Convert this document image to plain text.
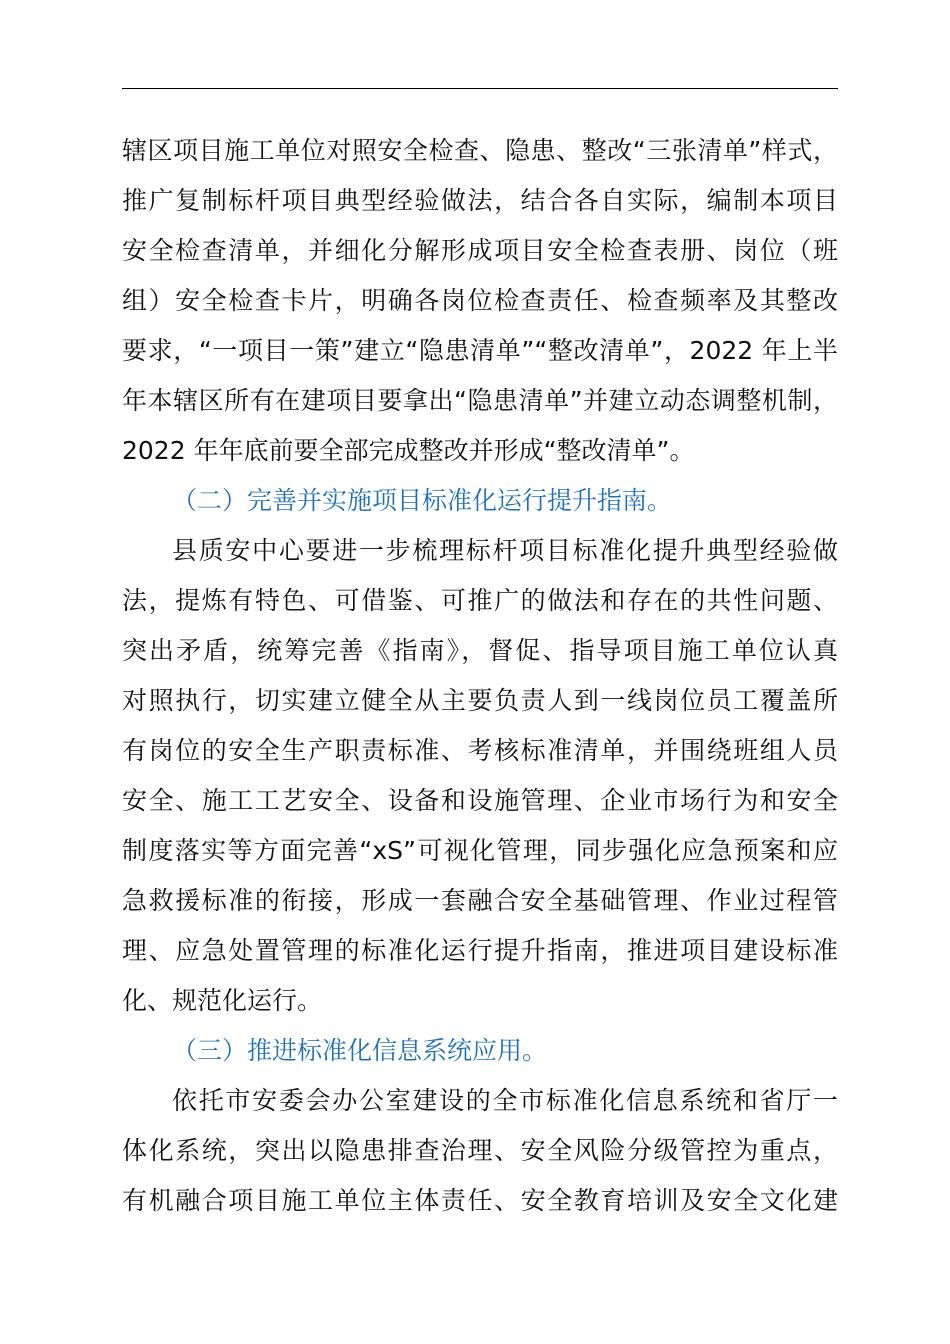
辖区项目施工单位对照安全检查、隐患、整改“三张清单”样式，
推广复制标杆项目典型经验做法，结合各自实际，编制本项目
安全检查清单，并细化分解形成项目安全检查表册、岗位（班
组）安全检查卡片，明确各岗位检查责任、检查频率及其整改
要求，“一项目一策”建立“隐患清单”“整改清单”，2022 年上半
年本辖区所有在建项目要拿出“隐患清单”并建立动态调整机制，
2022 年年底前要全部完成整改并形成“整改清单”。
（二）完善并实施项目标准化运行提升指南。
县质安中心要进一步梳理标杆项目标准化提升典型经验做
法，提炼有特色、可借鉴、可推广的做法和存在的共性问题、
突出矛盾，统筹完善《指南》，督促、指导项目施工单位认真
对照执行，切实建立健全从主要负责人到一线岗位员工覆盖所
有岗位的安全生产职责标准、考核标准清单，并围绕班组人员
安全、施工工艺安全、设备和设施管理、企业市场行为和安全
制度落实等方面完善“xS”可视化管理，同步强化应急预案和应
急救援标准的衔接，形成一套融合安全基础管理、作业过程管
理、应急处置管理的标准化运行提升指南，推进项目建设标准
化、规范化运行。
（三）推进标准化信息系统应用。
依托市安委会办公室建设的全市标准化信息系统和省厅一
体化系统，突出以隐患排查治理、安全风险分级管控为重点，
有机融合项目施工单位主体责任、安全教育培训及安全文化建
